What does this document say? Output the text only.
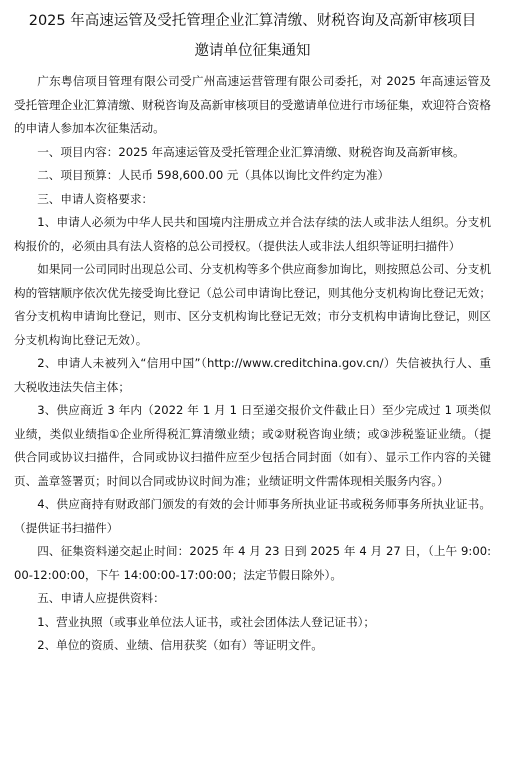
2025 年高速运管及受托管理企业汇算清缴、财税咨询及高新审核项目
邀请单位征集通知

广东粤信项目管理有限公司受广州高速运营管理有限公司委托，对 2025 年高速运管及受托管理企业汇算清缴、财税咨询及高新审核项目的受邀请单位进行市场征集，欢迎符合资格的申请人参加本次征集活动。

一、项目内容：2025 年高速运管及受托管理企业汇算清缴、财税咨询及高新审核。

二、项目预算：人民币 598,600.00 元（具体以询比文件约定为准）

三、申请人资格要求：

1、申请人必须为中华人民共和国境内注册成立并合法存续的法人或非法人组织。分支机构报价的，必须由具有法人资格的总公司授权。（提供法人或非法人组织等证明扫描件）

如果同一公司同时出现总公司、分支机构等多个供应商参加询比，则按照总公司、分支机构的管辖顺序依次优先接受询比登记（总公司申请询比登记，则其他分支机构询比登记无效；省分支机构申请询比登记，则市、区分支机构询比登记无效；市分支机构申请询比登记，则区分支机构询比登记无效）。

2、申请人未被列入“信用中国”（http://www.creditchina.gov.cn/）失信被执行人、重大税收违法失信主体；

3、供应商近 3 年内（2022 年 1 月 1 日至递交报价文件截止日）至少完成过 1 项类似业绩，类似业绩指①企业所得税汇算清缴业绩；或②财税咨询业绩；或③涉税鉴证业绩。（提供合同或协议扫描件，合同或协议扫描件应至少包括合同封面（如有）、显示工作内容的关键页、盖章签署页；时间以合同或协议时间为准；业绩证明文件需体现相关服务内容。）

4、供应商持有财政部门颁发的有效的会计师事务所执业证书或税务师事务所执业证书。（提供证书扫描件）

四、征集资料递交起止时间：2025 年 4 月 23 日到 2025 年 4 月 27 日，（上午 9:00:00-12:00:00，下午 14:00:00-17:00:00；法定节假日除外）。

五、申请人应提供资料：

1、营业执照（或事业单位法人证书，或社会团体法人登记证书）；

2、单位的资质、业绩、信用获奖（如有）等证明文件。
